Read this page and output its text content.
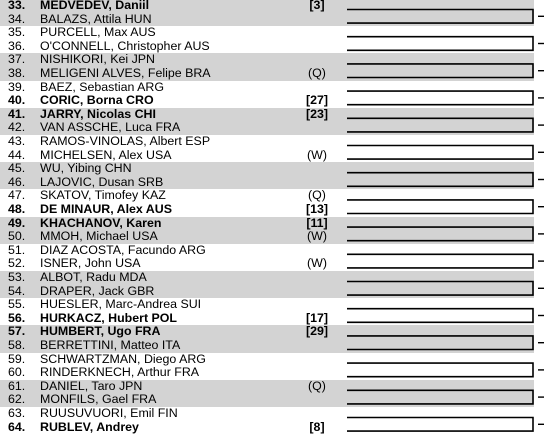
33. MEDVEDEV, Daniil	[3]
34. BALAZS, Attila HUN
35. PURCELL, Max AUS
36. O'CONNELL, Christopher AUS
37. NISHIKORI, Kei JPN
38. MELIGENI ALVES, Felipe BRA	(Q)
39. BAEZ, Sebastian ARG
40. CORIC, Borna CRO	[27]
41. JARRY, Nicolas CHI	[23]
42. VAN ASSCHE, Luca FRA
43. RAMOS-VINOLAS, Albert ESP
44. MICHELSEN, Alex USA	(W)
45. WU, Yibing CHN
46. LAJOVIC, Dusan SRB
47. SKATOV, Timofey KAZ	(Q)
48. DE MINAUR, Alex AUS	[13]
49. KHACHANOV, Karen	[11]
50. MMOH, Michael USA	(W)
51. DIAZ ACOSTA, Facundo ARG
52. ISNER, John USA	(W)
53. ALBOT, Radu MDA
54. DRAPER, Jack GBR
55. HUESLER, Marc-Andrea SUI
56. HURKACZ, Hubert POL	[17]
57. HUMBERT, Ugo FRA	[29]
58. BERRETTINI, Matteo ITA
59. SCHWARTZMAN, Diego ARG
60. RINDERKNECH, Arthur FRA
61. DANIEL, Taro JPN	(Q)
62. MONFILS, Gael FRA
63. RUUSUVUORI, Emil FIN
64. RUBLEV, Andrey	[8]
